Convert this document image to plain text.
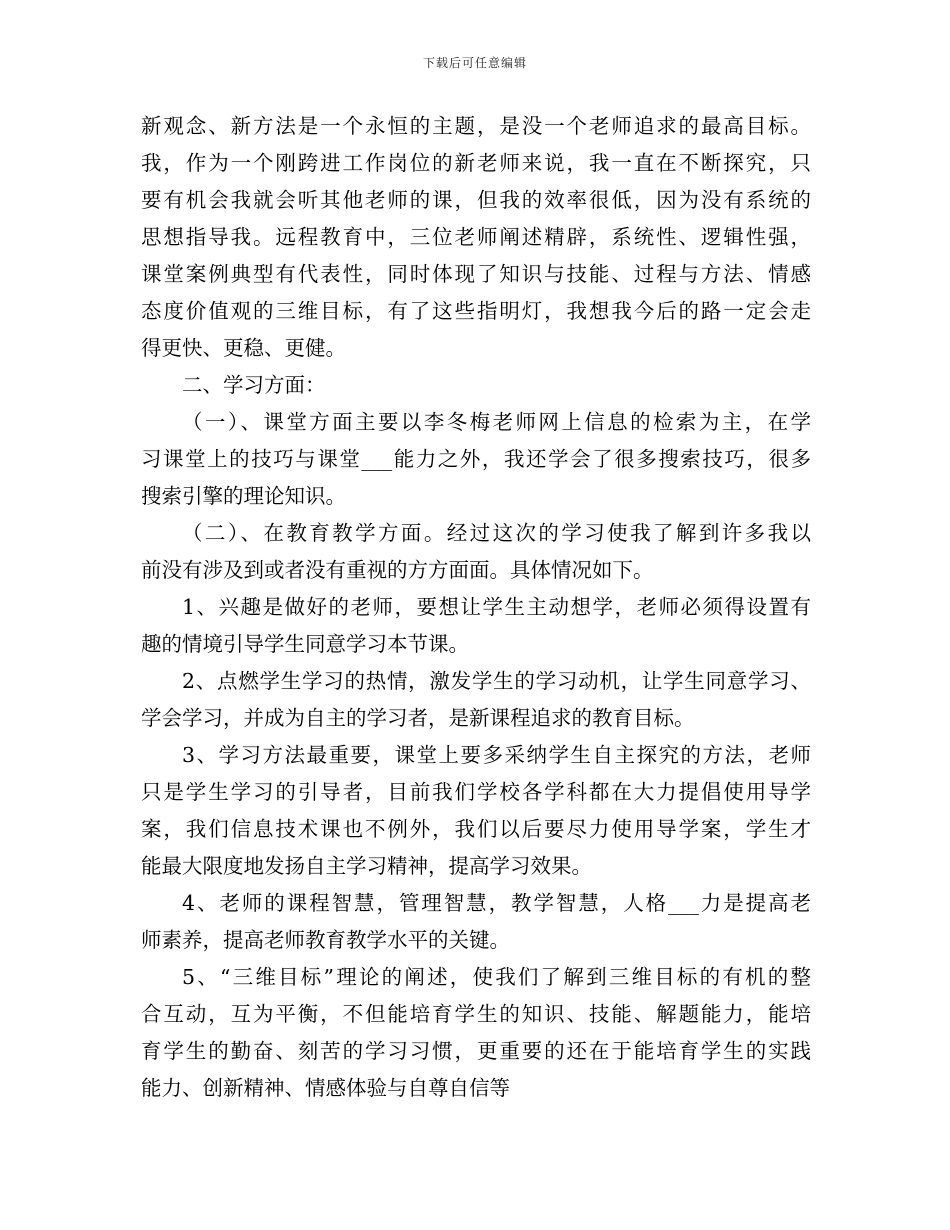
下载后可任意编辑
新观念、新方法是一个永恒的主题，是没一个老师追求的最高目标。
我，作为一个刚跨进工作岗位的新老师来说，我一直在不断探究，只
要有机会我就会听其他老师的课，但我的效率很低，因为没有系统的
思想指导我。远程教育中，三位老师阐述精辟，系统性、逻辑性强，
课堂案例典型有代表性，同时体现了知识与技能、过程与方法、情感
态度价值观的三维目标，有了这些指明灯，我想我今后的路一定会走
得更快、更稳、更健。
二、学习方面：
（一）、课堂方面主要以李冬梅老师网上信息的检索为主，在学
习课堂上的技巧与课堂___能力之外，我还学会了很多搜索技巧，很多
搜索引擎的理论知识。
（二）、在教育教学方面。经过这次的学习使我了解到许多我以
前没有涉及到或者没有重视的方方面面。具体情况如下。
1、兴趣是做好的老师，要想让学生主动想学，老师必须得设置有
趣的情境引导学生同意学习本节课。
2、点燃学生学习的热情，激发学生的学习动机，让学生同意学习、
学会学习，并成为自主的学习者，是新课程追求的教育目标。
3、学习方法最重要，课堂上要多采纳学生自主探究的方法，老师
只是学生学习的引导者，目前我们学校各学科都在大力提倡使用导学
案，我们信息技术课也不例外，我们以后要尽力使用导学案，学生才
能最大限度地发扬自主学习精神，提高学习效果。
4、老师的课程智慧，管理智慧，教学智慧，人格___力是提高老
师素养，提高老师教育教学水平的关键。
5、“三维目标”理论的阐述，使我们了解到三维目标的有机的整
合互动，互为平衡，不但能培育学生的知识、技能、解题能力，能培
育学生的勤奋、刻苦的学习习惯，更重要的还在于能培育学生的实践
能力、创新精神、情感体验与自尊自信等
